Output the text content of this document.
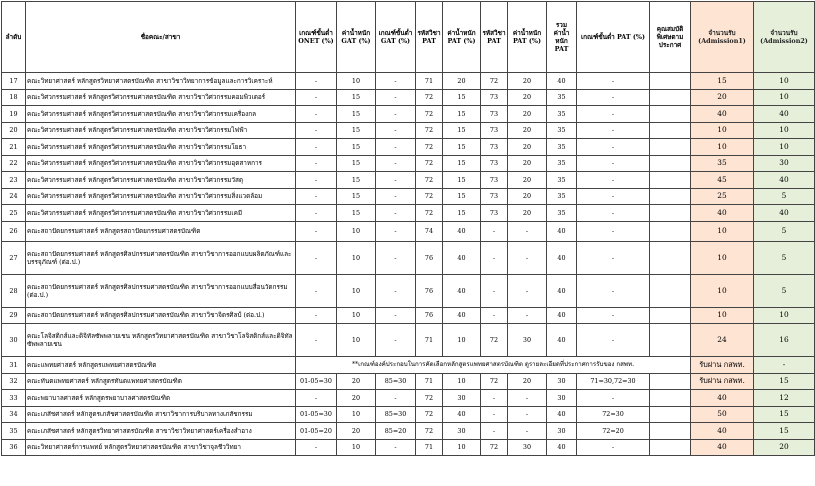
ลำดับ	ชื่อคณะ/สาขา	เกณฑ์ขั้นต่ำ ONET (%)	ค่าน้ำหนัก GAT (%)	เกณฑ์ขั้นต่ำ GAT (%)	รหัสวิชา PAT	ค่าน้ำหนัก PAT (%)	รหัสวิชา PAT	ค่าน้ำหนัก PAT (%)	รวมค่าน้ำหนัก PAT	เกณฑ์ขั้นต่ำ PAT (%)	คุณสมบัติพิเศษตามประกาศ	จำนวนรับ (Admission1)	จำนวนรับ (Admission2)
17	คณะวิทยาศาสตร์ หลักสูตรวิทยาศาสตรบัณฑิต สาขาวิชาวิทยาการข้อมูลและการวิเคราะห์	-	10	-	71	20	72	20	40	-		15	10
18	คณะวิศวกรรมศาสตร์ หลักสูตรวิศวกรรมศาสตรบัณฑิต สาขาวิชาวิศวกรรมคอมพิวเตอร์	-	15	-	72	15	73	20	35	-		20	10
19	คณะวิศวกรรมศาสตร์ หลักสูตรวิศวกรรมศาสตรบัณฑิต สาขาวิชาวิศวกรรมเครื่องกล	-	15	-	72	15	73	20	35	-		40	40
20	คณะวิศวกรรมศาสตร์ หลักสูตรวิศวกรรมศาสตรบัณฑิต สาขาวิชาวิศวกรรมไฟฟ้า	-	15	-	72	15	73	20	35	-		10	10
21	คณะวิศวกรรมศาสตร์ หลักสูตรวิศวกรรมศาสตรบัณฑิต สาขาวิชาวิศวกรรมโยธา	-	15	-	72	15	73	20	35	-		10	10
22	คณะวิศวกรรมศาสตร์ หลักสูตรวิศวกรรมศาสตรบัณฑิต สาขาวิชาวิศวกรรมอุตสาหการ	-	15	-	72	15	73	20	35	-		35	30
23	คณะวิศวกรรมศาสตร์ หลักสูตรวิศวกรรมศาสตรบัณฑิต สาขาวิชาวิศวกรรมวัสดุ	-	15	-	72	15	73	20	35	-		45	40
24	คณะวิศวกรรมศาสตร์ หลักสูตรวิศวกรรมศาสตรบัณฑิต สาขาวิชาวิศวกรรมสิ่งแวดล้อม	-	15	-	72	15	73	20	35	-		25	5
25	คณะวิศวกรรมศาสตร์ หลักสูตรวิศวกรรมศาสตรบัณฑิต สาขาวิชาวิศวกรรมเคมี	-	15	-	72	15	73	20	35	-		40	40
26	คณะสถาปัตยกรรมศาสตร์ หลักสูตรสถาปัตยกรรมศาสตรบัณฑิต	-	10	-	74	40	-	-	40	-		10	5
27	คณะสถาปัตยกรรมศาสตร์ หลักสูตรศิลปกรรมศาสตรบัณฑิต สาขาวิชาการออกแบบผลิตภัณฑ์และบรรจุภัณฑ์ (ต่อ.ป.)	-	10	-	76	40	-	-	40	-		10	5
28	คณะสถาปัตยกรรมศาสตร์ หลักสูตรศิลปกรรมศาสตรบัณฑิต สาขาวิชาการออกแบบสื่อนวัตกรรม (ต่อ.ป.)	-	10	-	76	40	-	-	40	-		10	5
29	คณะสถาปัตยกรรมศาสตร์ หลักสูตรศิลปกรรมศาสตรบัณฑิต สาขาวิชาจิตรศิลป์ (ต่อ.ป.)	-	10	-	76	40	-	-	40	-		10	10
30	คณะโลจิสติกส์และดิจิทัลซัพพลายเชน หลักสูตรวิทยาศาสตรบัณฑิต สาขาวิชาโลจิสติกส์และดิจิทัลซัพพลายเชน	-	10	-	71	10	72	30	40	-		24	16
31	คณะแพทยศาสตร์ หลักสูตรแพทยศาสตรบัณฑิต	**เกณฑ์องค์ประกอบในการคัดเลือกหลักสูตรแพทยศาสตรบัณฑิต ดูรายละเอียดที่ประกาศการรับของ กสพท.										รับผ่าน กสพท.	-
32	คณะทันตแพทยศาสตร์ หลักสูตรทันตแพทยศาสตรบัณฑิต	01-05=30	20	85=30	71	10	72	20	30	71=30,72=30		รับผ่าน กสพท.	15
33	คณะพยาบาลศาสตร์ หลักสูตรพยาบาลศาสตรบัณฑิต	-	20	-	72	30	-	-	30	-		40	12
34	คณะเภสัชศาสตร์ หลักสูตรเภสัชศาสตรบัณฑิต สาขาวิชาการบริบาลทางเภสัชกรรม	01-05=30	10	85=30	72	40	-	-	40	72=30		50	15
35	คณะเภสัชศาสตร์ หลักสูตรวิทยาศาสตรบัณฑิต สาขาวิชาวิทยาศาสตร์เครื่องสำอาง	01-05=20	20	85=20	72	30	-	-	30	72=20		40	15
36	คณะวิทยาศาสตร์การแพทย์ หลักสูตรวิทยาศาสตรบัณฑิต สาขาวิชาจุลชีววิทยา	-	10	-	71	10	72	30	40	-		40	20
